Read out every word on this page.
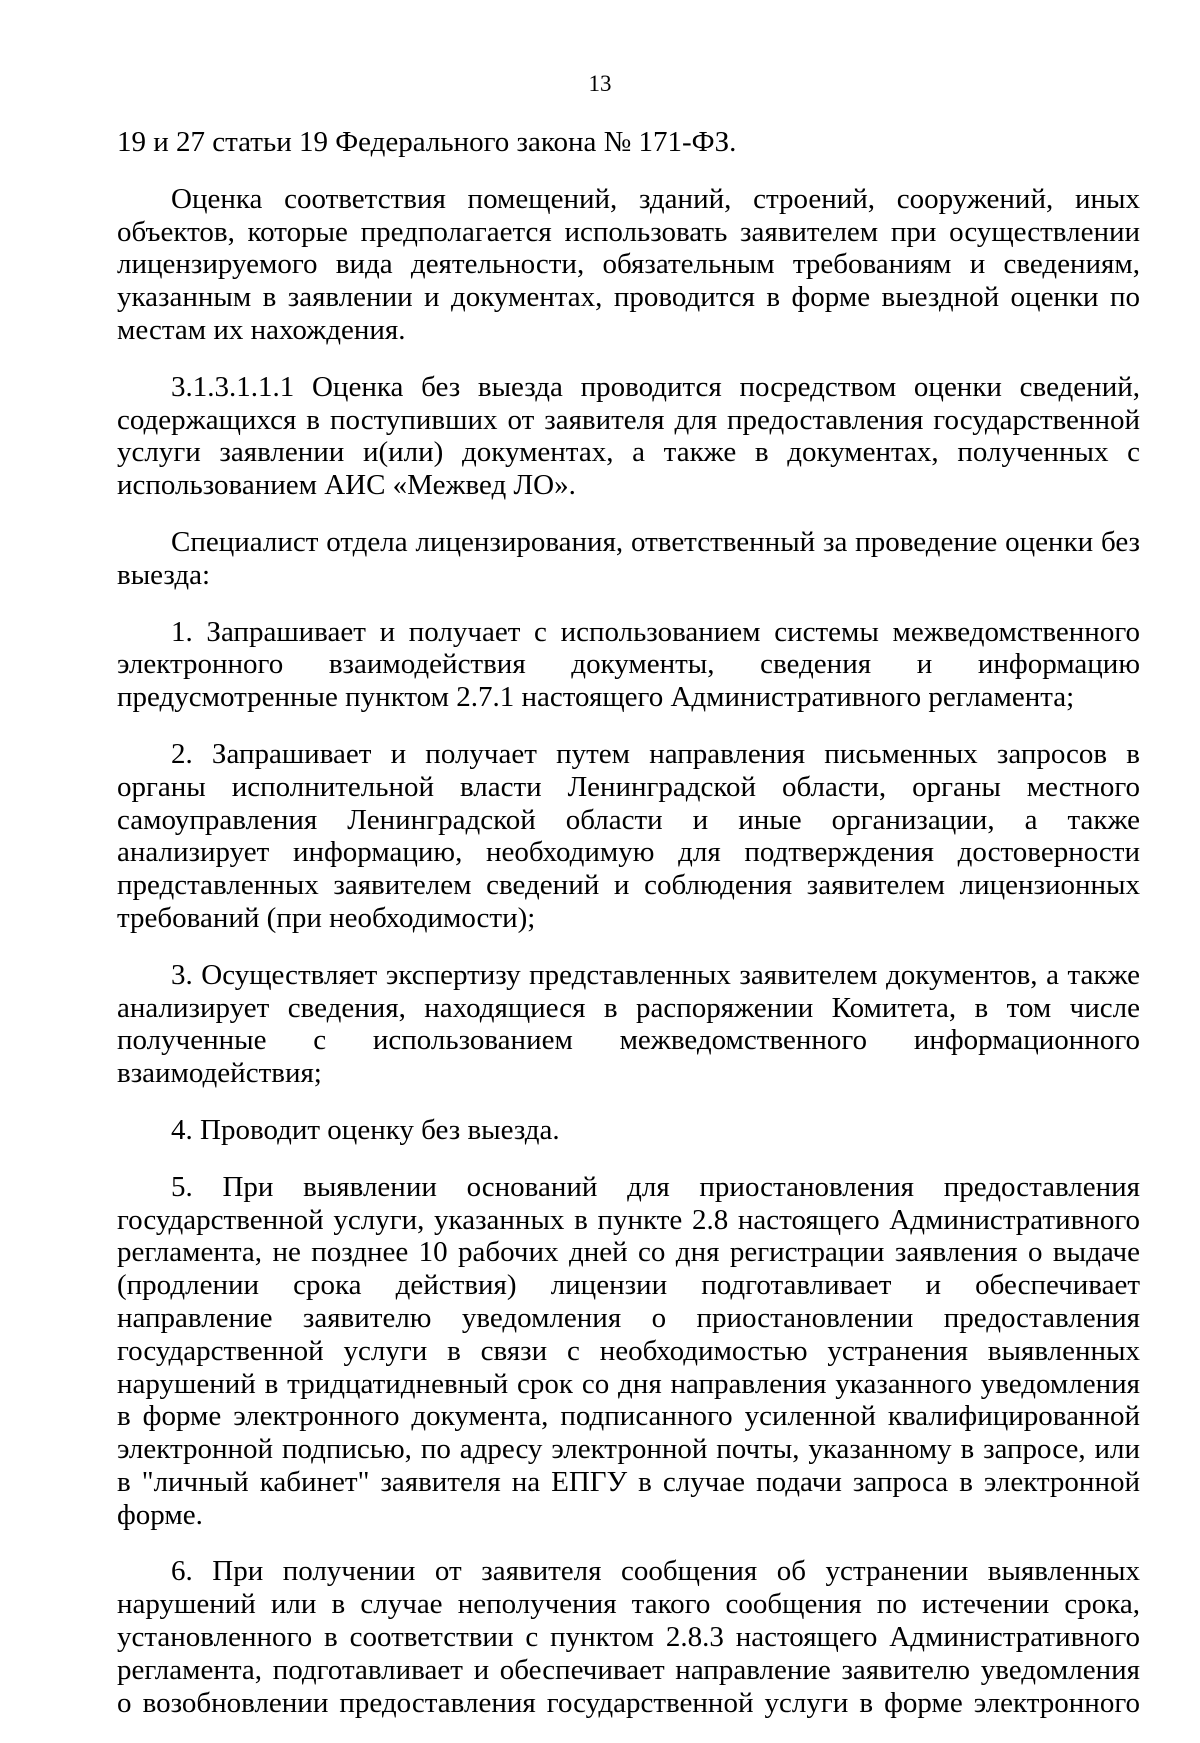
13

19 и 27 статьи 19 Федерального закона № 171-ФЗ.

Оценка соответствия помещений, зданий, строений, сооружений, иных объектов, которые предполагается использовать заявителем при осуществлении лицензируемого вида деятельности, обязательным требованиям и сведениям, указанным в заявлении и документах, проводится в форме выездной оценки по местам их нахождения.

3.1.3.1.1.1 Оценка без выезда проводится посредством оценки сведений, содержащихся в поступивших от заявителя для предоставления государственной услуги заявлении и(или) документах, а также в документах, полученных с использованием АИС «Межвед ЛО».

Специалист отдела лицензирования, ответственный за проведение оценки без выезда:

1. Запрашивает и получает с использованием системы межведомственного электронного взаимодействия документы, сведения и информацию предусмотренные пунктом 2.7.1 настоящего Административного регламента;

2. Запрашивает и получает путем направления письменных запросов в органы исполнительной власти Ленинградской области, органы местного самоуправления Ленинградской области и иные организации, а также анализирует информацию, необходимую для подтверждения достоверности представленных заявителем сведений и соблюдения заявителем лицензионных требований (при необходимости);

3. Осуществляет экспертизу представленных заявителем документов, а также анализирует сведения, находящиеся в распоряжении Комитета, в том числе полученные с использованием межведомственного информационного взаимодействия;

4. Проводит оценку без выезда.

5. При выявлении оснований для приостановления предоставления государственной услуги, указанных в пункте 2.8 настоящего Административного регламента, не позднее 10 рабочих дней со дня регистрации заявления о выдаче (продлении срока действия) лицензии подготавливает и обеспечивает направление заявителю уведомления о приостановлении предоставления государственной услуги в связи с необходимостью устранения выявленных нарушений в тридцатидневный срок со дня направления указанного уведомления в форме электронного документа, подписанного усиленной квалифицированной электронной подписью, по адресу электронной почты, указанному в запросе, или в "личный кабинет" заявителя на ЕПГУ в случае подачи запроса в электронной форме.

6. При получении от заявителя сообщения об устранении выявленных нарушений или в случае неполучения такого сообщения по истечении срока, установленного в соответствии с пунктом 2.8.3 настоящего Административного регламента, подготавливает и обеспечивает направление заявителю уведомления о возобновлении предоставления государственной услуги в форме электронного
